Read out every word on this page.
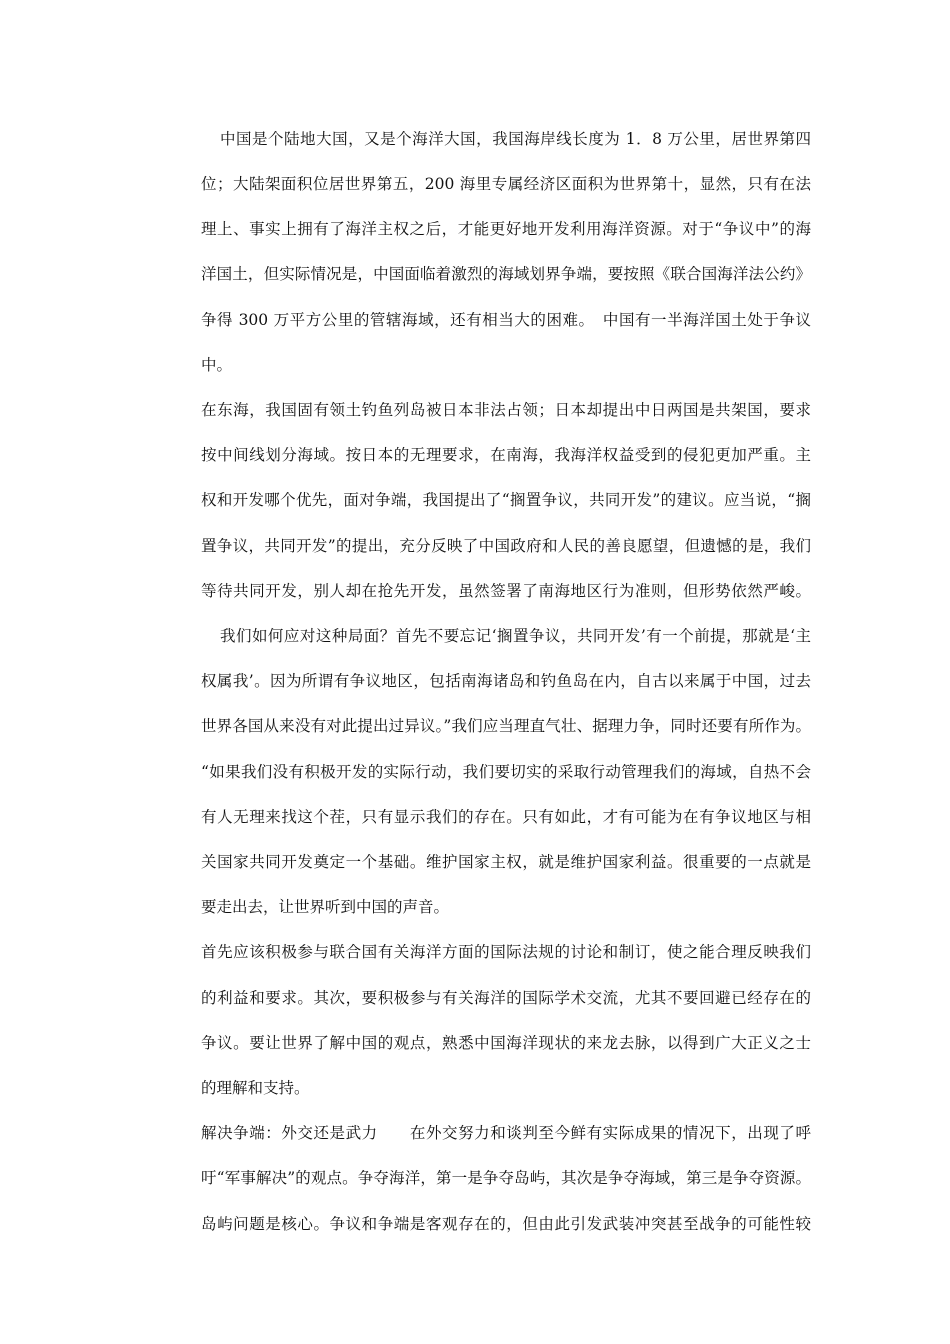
中国是个陆地大国，又是个海洋大国，我国海岸线长度为 1．8 万公里，居世界第四
位；大陆架面积位居世界第五，200 海里专属经济区面积为世界第十，显然，只有在法
理上、事实上拥有了海洋主权之后，才能更好地开发利用海洋资源。对于“争议中”的海
洋国土，但实际情况是，中国面临着激烈的海域划界争端，要按照《联合国海洋法公约》
争得 300 万平方公里的管辖海域，还有相当大的困难。　中国有一半海洋国土处于争议
中。
在东海，我国固有领土钓鱼列岛被日本非法占领；日本却提出中日两国是共架国，要求
按中间线划分海域。按日本的无理要求，在南海，我海洋权益受到的侵犯更加严重。主
权和开发哪个优先，面对争端，我国提出了“搁置争议，共同开发”的建议。应当说，“搁
置争议，共同开发”的提出，充分反映了中国政府和人民的善良愿望，但遗憾的是，我们
等待共同开发，别人却在抢先开发，虽然签署了南海地区行为准则，但形势依然严峻。
我们如何应对这种局面？首先不要忘记‘搁置争议，共同开发’有一个前提，那就是‘主
权属我’。因为所谓有争议地区，包括南海诸岛和钓鱼岛在内，自古以来属于中国，过去
世界各国从来没有对此提出过异议。”我们应当理直气壮、据理力争，同时还要有所作为。
“如果我们没有积极开发的实际行动，我们要切实的采取行动管理我们的海域，自热不会
有人无理来找这个茬，只有显示我们的存在。只有如此，才有可能为在有争议地区与相
关国家共同开发奠定一个基础。维护国家主权，就是维护国家利益。很重要的一点就是
要走出去，让世界听到中国的声音。
首先应该积极参与联合国有关海洋方面的国际法规的讨论和制订，使之能合理反映我们
的利益和要求。其次，要积极参与有关海洋的国际学术交流，尤其不要回避已经存在的
争议。要让世界了解中国的观点，熟悉中国海洋现状的来龙去脉，以得到广大正义之士
的理解和支持。
解决争端：外交还是武力　　在外交努力和谈判至今鲜有实际成果的情况下，出现了呼
吁“军事解决”的观点。争夺海洋，第一是争夺岛屿，其次是争夺海域，第三是争夺资源。
岛屿问题是核心。争议和争端是客观存在的，但由此引发武装冲突甚至战争的可能性较
